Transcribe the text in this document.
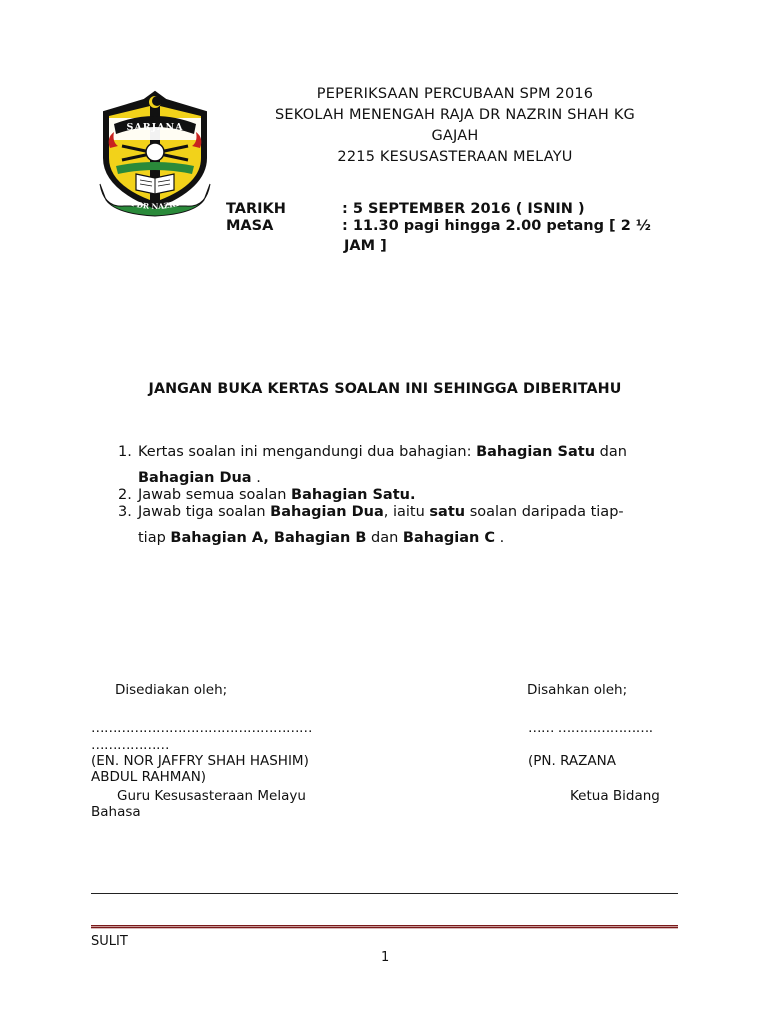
SARJANA
RAJA DR NAZRIN SH
PEPERIKSAAN PERCUBAAN SPM 2016
SEKOLAH MENENGAH RAJA DR NAZRIN SHAH KG
GAJAH
2215 KESUSASTERAAN MELAYU
TARIKH	: 5 SEPTEMBER 2016 ( ISNIN )
MASA	: 11.30 pagi hingga 2.00 petang [ 2 ½
JAM ]
JANGAN BUKA KERTAS SOALAN INI SEHINGGA DIBERITAHU
1. Kertas soalan ini mengandungi dua bahagian: Bahagian Satu dan
Bahagian Dua .
2. Jawab semua soalan Bahagian Satu.
3. Jawab tiga soalan Bahagian Dua, iaitu satu soalan daripada tiap-
tiap Bahagian A, Bahagian B dan Bahagian C .
Disediakan oleh;	Disahkan oleh;
……………………………………………	…… ………………….
………………
(EN. NOR JAFFRY SHAH HASHIM)	(PN. RAZANA
ABDUL RAHMAN)
Guru Kesusasteraan Melayu	Ketua Bidang
Bahasa
SULIT
1
